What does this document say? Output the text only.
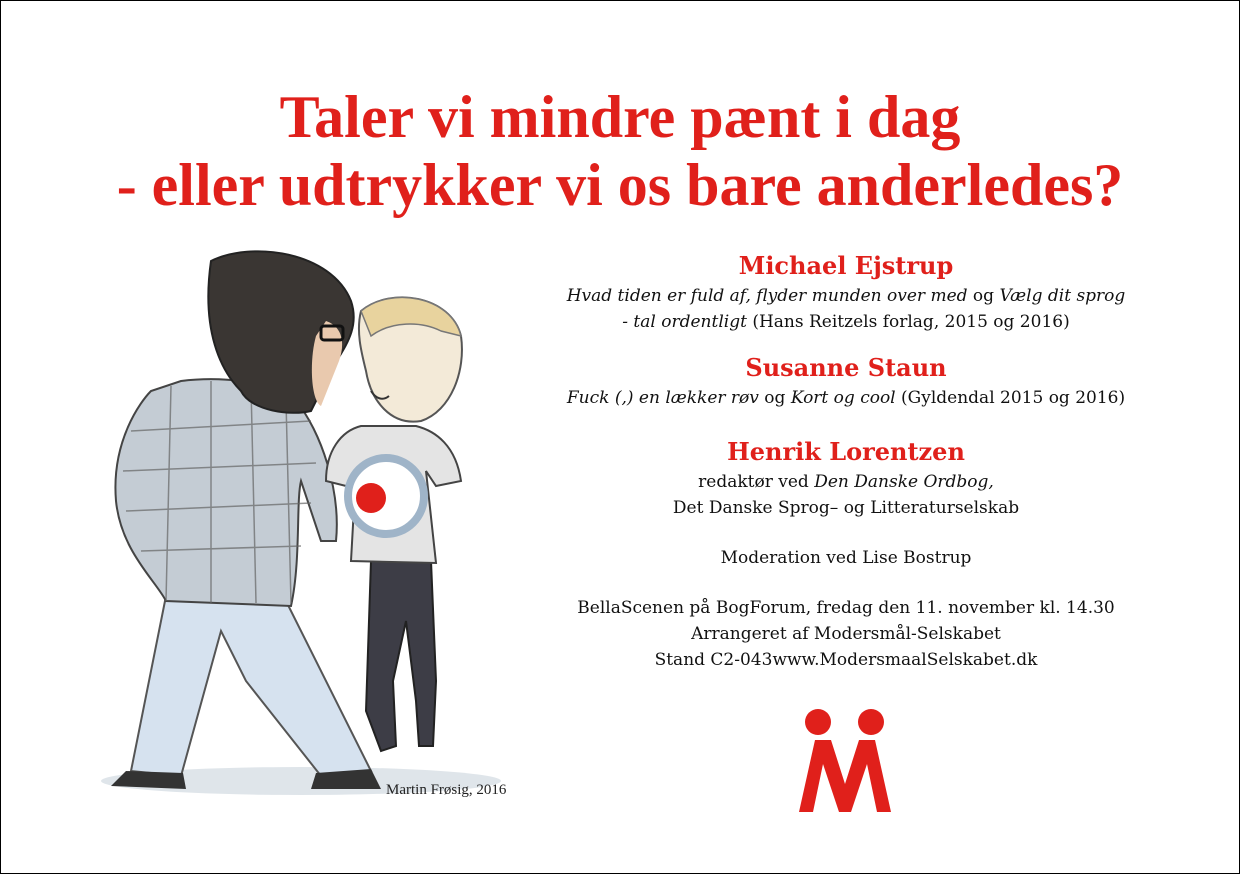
Taler vi mindre pænt i dag
- eller udtrykker vi os bare anderledes?
Martin Frøsig, 2016

Michael Ejstrup

Hvad tiden er fuld af, flyder munden over med og Vælg dit sprog

- tal ordentligt (Hans Reitzels forlag, 2015 og 2016)

Susanne Staun

Fuck (,) en lækker røv og Kort og cool (Gyldendal 2015 og 2016)

Henrik Lorentzen

redaktør ved Den Danske Ordbog,

Det Danske Sprog– og Litteraturselskab

Moderation ved Lise Bostrup

BellaScenen på BogForum, fredag den 11. november kl. 14.30

Arrangeret af Modersmål-Selskabet

Stand C2-043www.ModersmaalSelskabet.dk
